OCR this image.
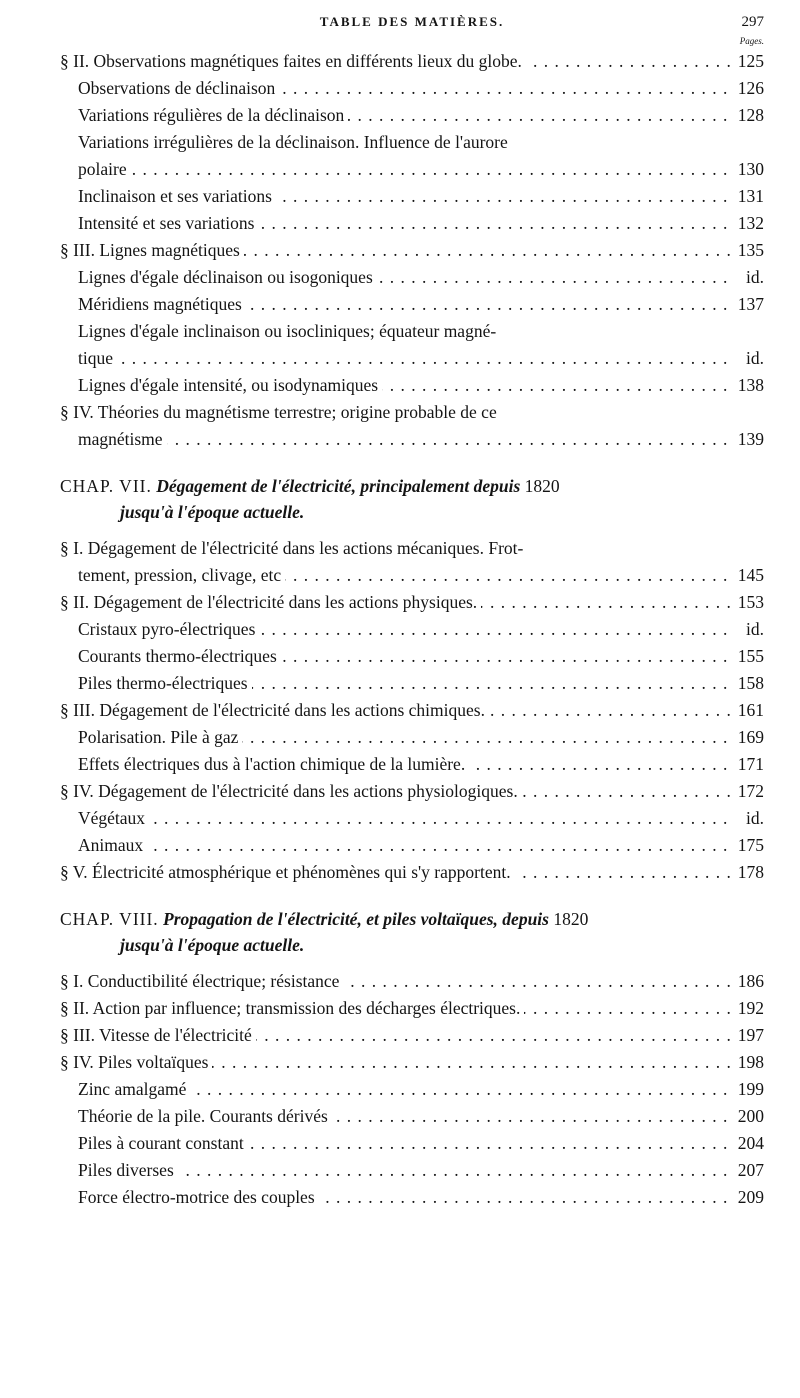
TABLE DES MATIÈRES.	297
Pages.
. . .
§ II. Observations magnétiques faites en différents lieux du globe.	125
. . .
Observations de déclinaison	126
. . .
Variations régulières de la déclinaison	128
Variations irrégulières de la déclinaison. Influence de l'aurore
. . .
polaire	130
. . .
Inclinaison et ses variations	131
. . .
Intensité et ses variations	132
. . .
§ III. Lignes magnétiques	135
. . .
Lignes d'égale déclinaison ou isogoniques	id.
. . .
Méridiens magnétiques	137
Lignes d'égale inclinaison ou isocliniques; équateur magné-
. . .
tique	id.
. . .
Lignes d'égale intensité, ou isodynamiques	138
§ IV. Théories du magnétisme terrestre; origine probable de ce
. . .
magnétisme	139
CHAP. VII. Dégagement de l'électricité, principalement depuis 1820
jusqu'à l'époque actuelle.
§ I. Dégagement de l'électricité dans les actions mécaniques. Frot-
. . .
tement, pression, clivage, etc	145
. . .
§ II. Dégagement de l'électricité dans les actions physiques.	153
. . .
Cristaux pyro-électriques	id.
. . .
Courants thermo-électriques	155
. . .
Piles thermo-électriques	158
. . .
§ III. Dégagement de l'électricité dans les actions chimiques.	161
. . .
Polarisation. Pile à gaz	169
. . .
Effets électriques dus à l'action chimique de la lumière.	171
. . .
§ IV. Dégagement de l'électricité dans les actions physiologiques.	172
. . .
Végétaux	id.
. . .
Animaux	175
. . .
§ V. Électricité atmosphérique et phénomènes qui s'y rapportent.	178
CHAP. VIII. Propagation de l'électricité, et piles voltaïques, depuis 1820
jusqu'à l'époque actuelle.
. . .
§ I. Conductibilité électrique; résistance	186
. . .
§ II. Action par influence; transmission des décharges électriques.	192
. . .
§ III. Vitesse de l'électricité	197
. . .
§ IV. Piles voltaïques	198
. . .
Zinc amalgamé	199
. . .
Théorie de la pile. Courants dérivés	200
. . .
Piles à courant constant	204
. . .
Piles diverses	207
. . .
Force électro-motrice des couples	209
